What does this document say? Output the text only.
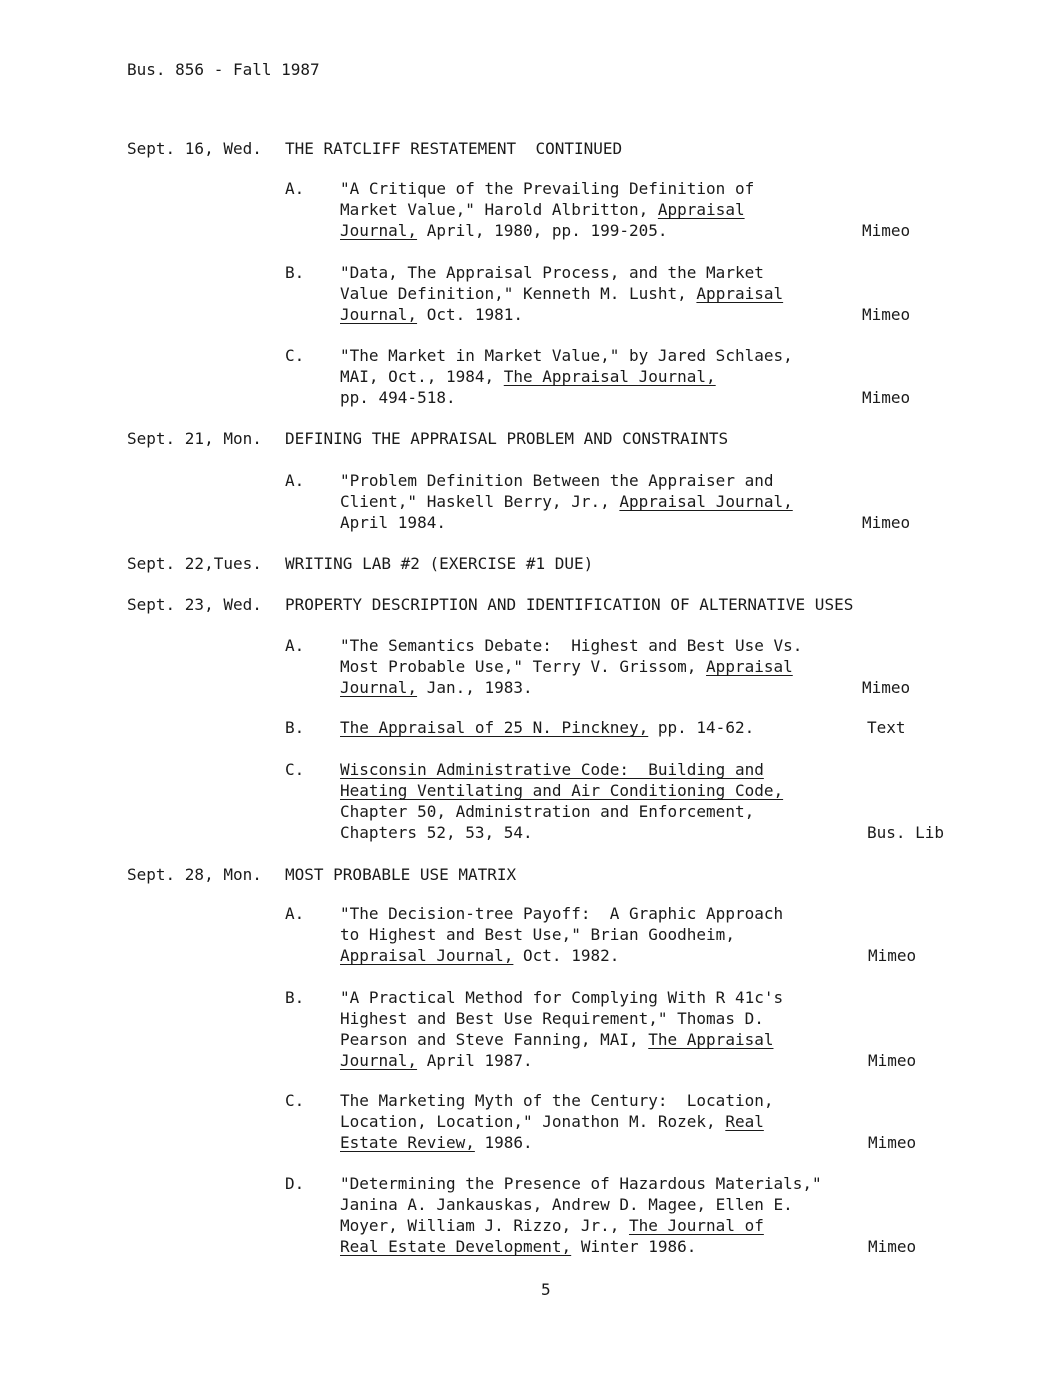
Bus. 856 - Fall 1987
Sept. 16, Wed. THE RATCLIFF RESTATEMENT  CONTINUED
A. "A Critique of the Prevailing Definition of
Market Value," Harold Albritton, Appraisal
Journal, April, 1980, pp. 199-205.	Mimeo
B. "Data, The Appraisal Process, and the Market
Value Definition," Kenneth M. Lusht, Appraisal
Journal, Oct. 1981.	Mimeo
C. "The Market in Market Value," by Jared Schlaes,
MAI, Oct., 1984, The Appraisal Journal,
pp. 494-518.	Mimeo
Sept. 21, Mon. DEFINING THE APPRAISAL PROBLEM AND CONSTRAINTS
A. "Problem Definition Between the Appraiser and
Client," Haskell Berry, Jr., Appraisal Journal,
April 1984.	Mimeo
Sept. 22,Tues. WRITING LAB #2 (EXERCISE #1 DUE)
Sept. 23, Wed. PROPERTY DESCRIPTION AND IDENTIFICATION OF ALTERNATIVE USES
A. "The Semantics Debate:  Highest and Best Use Vs.
Most Probable Use," Terry V. Grissom, Appraisal
Journal, Jan., 1983.	Mimeo
B. The Appraisal of 25 N. Pinckney, pp. 14-62.	Text
C. Wisconsin Administrative Code:  Building and
Heating Ventilating and Air Conditioning Code,
Chapter 50, Administration and Enforcement,
Chapters 52, 53, 54.	Bus. Lib
Sept. 28, Mon. MOST PROBABLE USE MATRIX
A. "The Decision-tree Payoff:  A Graphic Approach
to Highest and Best Use," Brian Goodheim,
Appraisal Journal, Oct. 1982.	Mimeo
B. "A Practical Method for Complying With R 41c's
Highest and Best Use Requirement," Thomas D.
Pearson and Steve Fanning, MAI, The Appraisal
Journal, April 1987.	Mimeo
C. The Marketing Myth of the Century:  Location,
Location, Location," Jonathon M. Rozek, Real
Estate Review, 1986.	Mimeo
D. "Determining the Presence of Hazardous Materials,"
Janina A. Jankauskas, Andrew D. Magee, Ellen E.
Moyer, William J. Rizzo, Jr., The Journal of
Real Estate Development, Winter 1986.	Mimeo
5
